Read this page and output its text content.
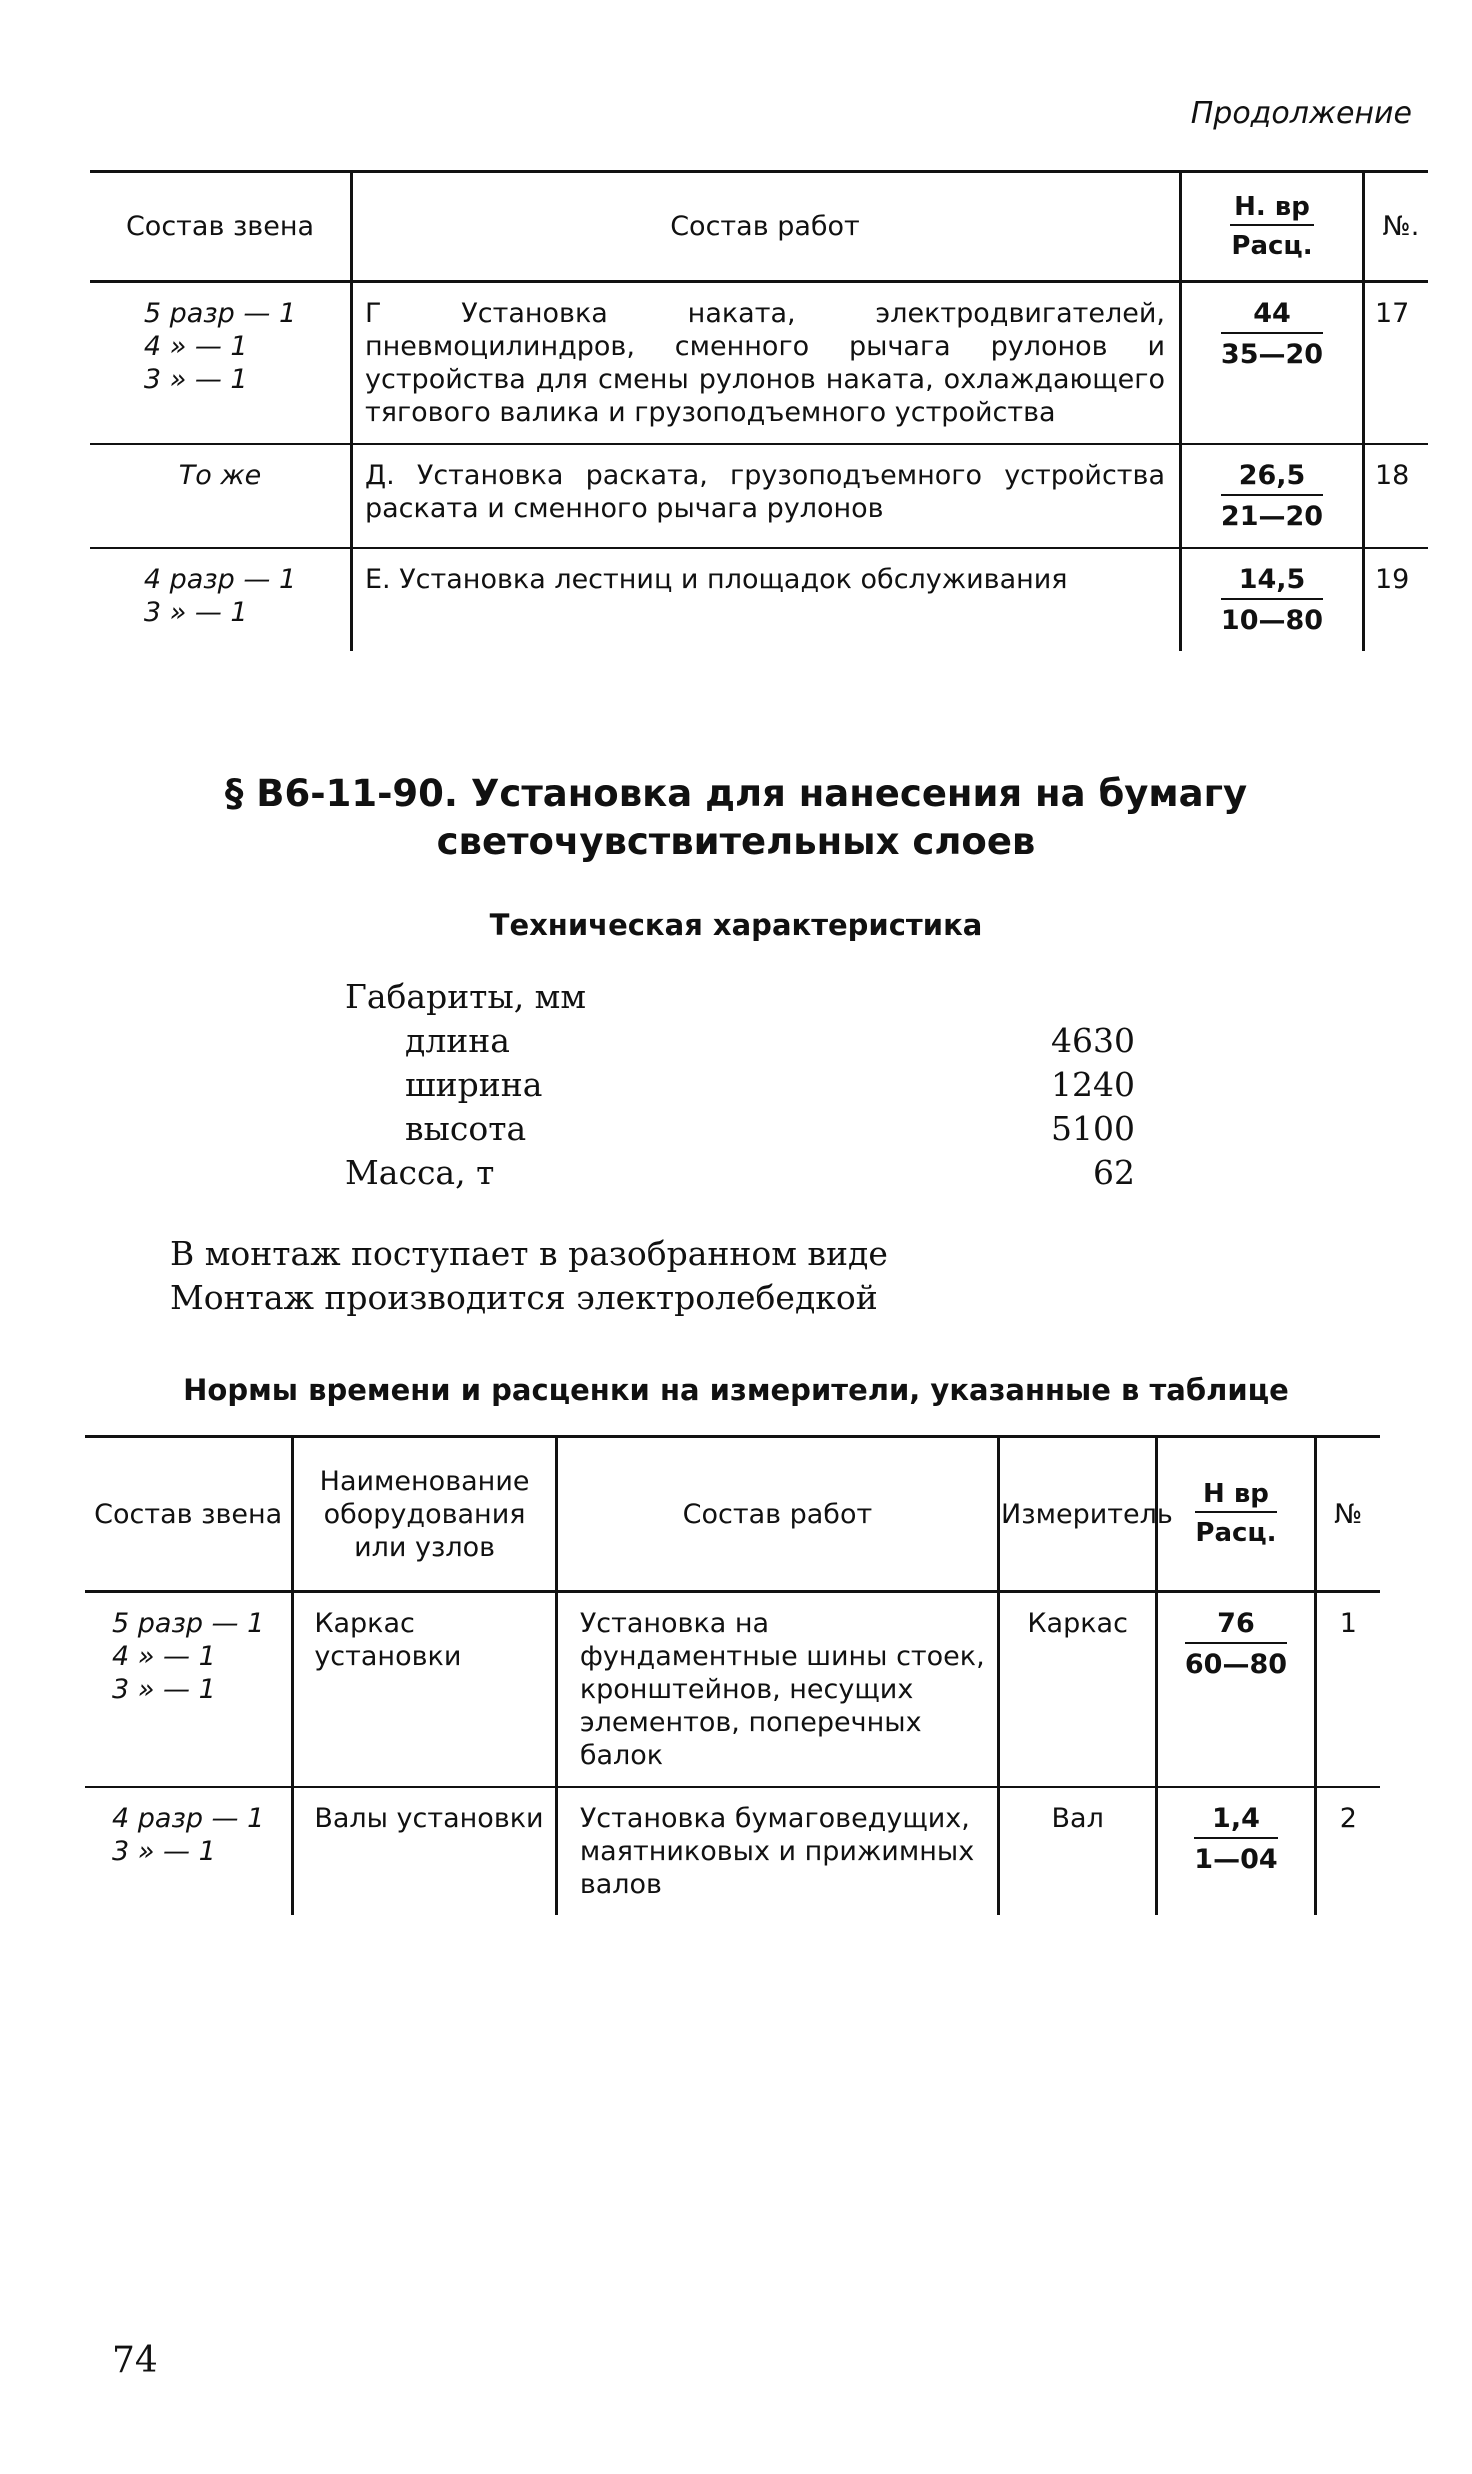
Продолжение
Состав звена	Состав работ	$\frac{Н. вр}{\text{Расц.}}$	№.

5 разр — 1
4 » — 1
3 » — 1	Г Установка наката, электродвигателей, пневмоцилиндров, сменного рычага рулонов и устройства для смены рулонов наката, охлаждающего тягового валика и грузоподъемного устройства	$\frac{44}{35—20}$	17
То же	Д. Установка раската, грузоподъемного устройства раската и сменного рычага рулонов	$\frac{26,5}{21—20}$	18

4 разр — 1
3 » — 1	Е. Установка лестниц и площадок обслуживания	$\frac{14,5}{10—80}$	19
§ В6-11-90. Установка для нанесения на бумагу
светочувствительных слоев
Техническая характеристика
Габариты, мм
длина	4630
ширина	1240
высота	5100
Масса, т	62
В монтаж поступает в разобранном виде
Монтаж производится электролебедкой
Нормы времени и расценки на измерители, указанные в таблице
Состав звена	Наименование оборудования или узлов	Состав работ	Измеритель	$\frac{\text{Н вр}}{\text{Расц.}}$	№

5 разр — 1
4 » — 1
3 » — 1	Каркас установки	Установка на фундаментные шины стоек, кронштейнов, несущих элементов, поперечных балок	Каркас	$\frac{76}{60—80}$	1

4 разр — 1
3 » — 1	Валы установки	Установка бумаговедущих, маятниковых и прижимных валов	Вал	$\frac{1,4}{1—04}$	2
74
